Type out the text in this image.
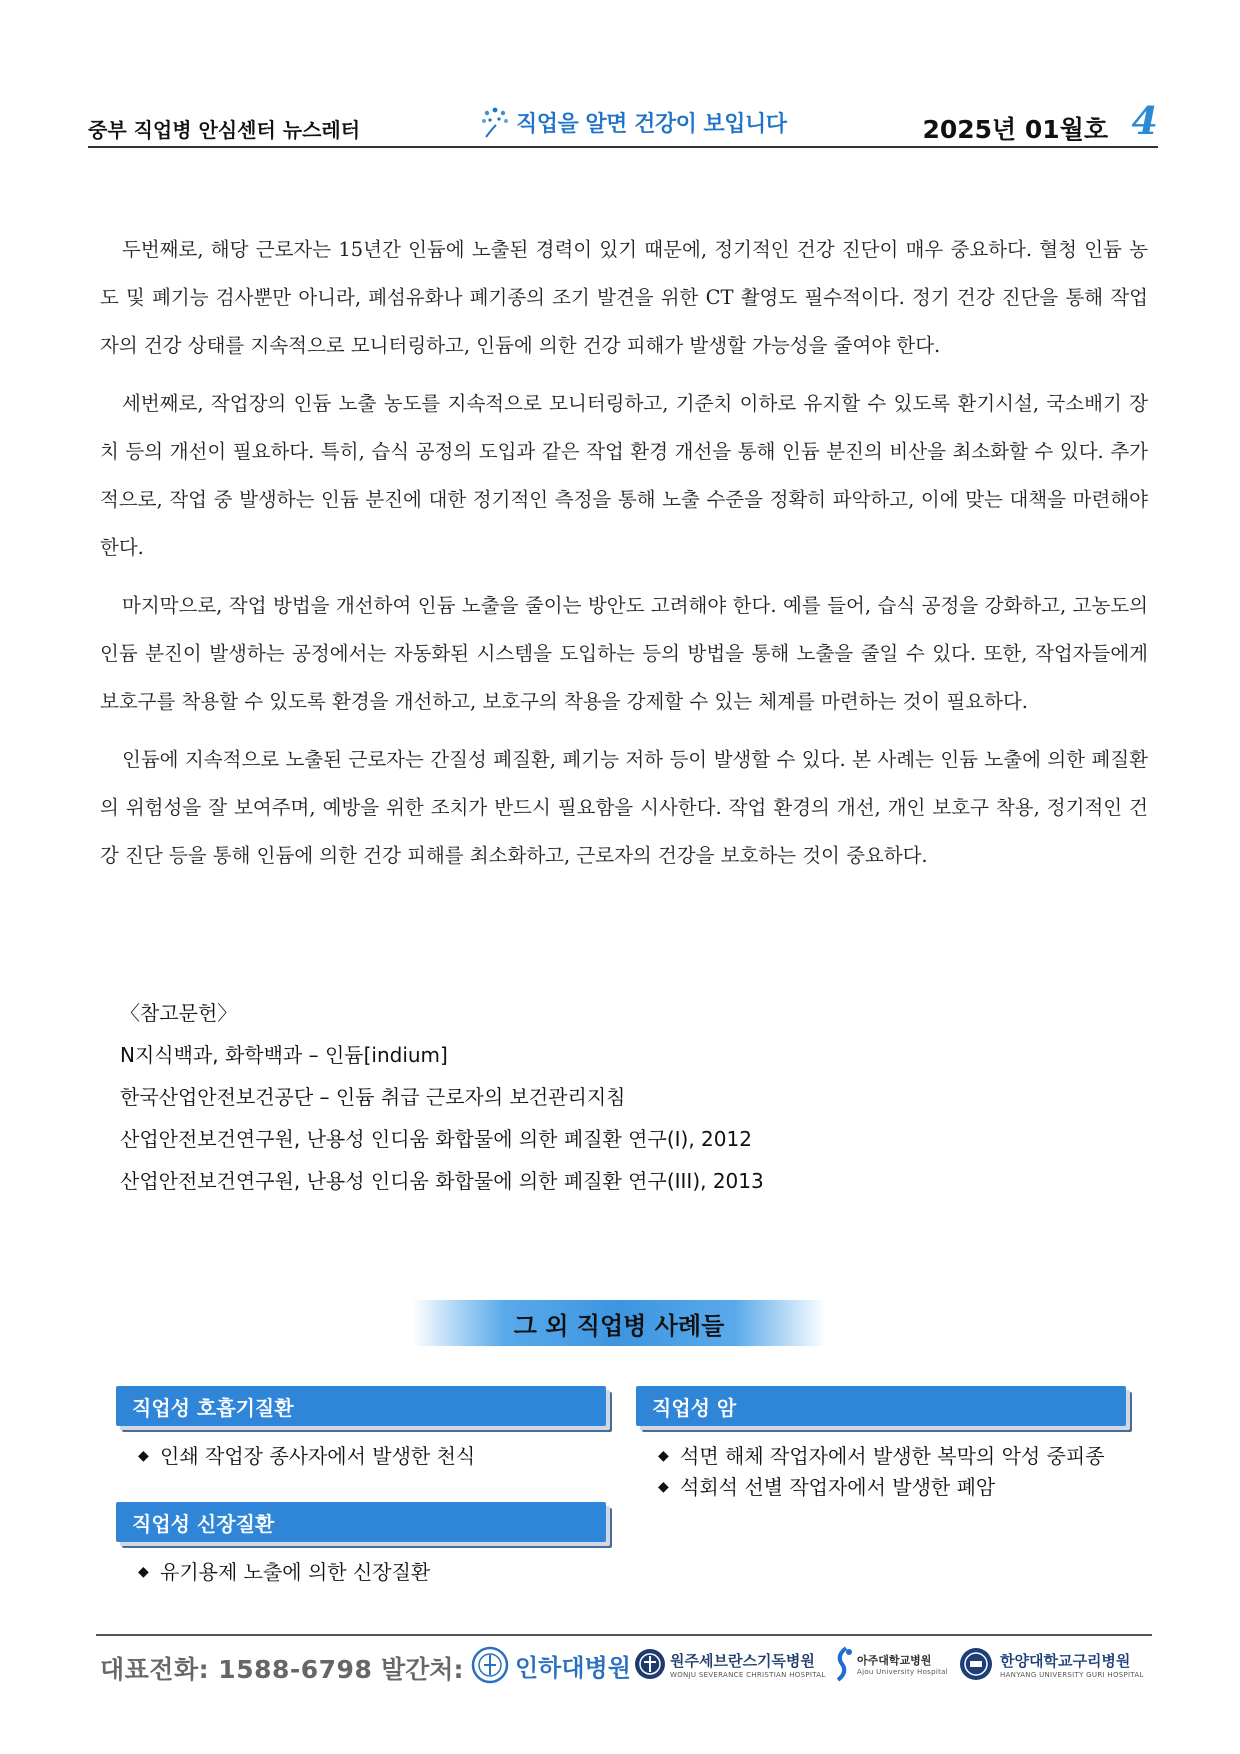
중부 직업병 안심센터 뉴스레터	직업을 알면 건강이 보입니다	2025년 01월호 4

두번째로, 해당 근로자는 15년간 인듐에 노출된 경력이 있기 때문에, 정기적인 건강 진단이 매우 중요하다. 혈청 인듐 농도 및 폐기능 검사뿐만 아니라, 폐섬유화나 폐기종의 조기 발견을 위한 CT 촬영도 필수적이다. 정기 건강 진단을 통해 작업자의 건강 상태를 지속적으로 모니터링하고, 인듐에 의한 건강 피해가 발생할 가능성을 줄여야 한다.

세번째로, 작업장의 인듐 노출 농도를 지속적으로 모니터링하고, 기준치 이하로 유지할 수 있도록 환기시설, 국소배기 장치 등의 개선이 필요하다. 특히, 습식 공정의 도입과 같은 작업 환경 개선을 통해 인듐 분진의 비산을 최소화할 수 있다. 추가적으로, 작업 중 발생하는 인듐 분진에 대한 정기적인 측정을 통해 노출 수준을 정확히 파악하고, 이에 맞는 대책을 마련해야 한다.

마지막으로, 작업 방법을 개선하여 인듐 노출을 줄이는 방안도 고려해야 한다. 예를 들어, 습식 공정을 강화하고, 고농도의 인듐 분진이 발생하는 공정에서는 자동화된 시스템을 도입하는 등의 방법을 통해 노출을 줄일 수 있다. 또한, 작업자들에게 보호구를 착용할 수 있도록 환경을 개선하고, 보호구의 착용을 강제할 수 있는 체계를 마련하는 것이 필요하다.

인듐에 지속적으로 노출된 근로자는 간질성 폐질환, 폐기능 저하 등이 발생할 수 있다. 본 사례는 인듐 노출에 의한 폐질환의 위험성을 잘 보여주며, 예방을 위한 조치가 반드시 필요함을 시사한다. 작업 환경의 개선, 개인 보호구 착용, 정기적인 건강 진단 등을 통해 인듐에 의한 건강 피해를 최소화하고, 근로자의 건강을 보호하는 것이 중요하다.

〈참고문헌〉
N지식백과, 화학백과 – 인듐[indium]
한국산업안전보건공단 – 인듐 취급 근로자의 보건관리지침
산업안전보건연구원, 난용성 인디움 화합물에 의한 폐질환 연구(I), 2012
산업안전보건연구원, 난용성 인디움 화합물에 의한 폐질환 연구(III), 2013
그 외 직업병 사례들
직업성 호흡기질환
◆ 인쇄 작업장 종사자에서 발생한 천식
직업성 암
◆ 석면 해체 작업자에서 발생한 복막의 악성 중피종
◆ 석회석 선별 작업자에서 발생한 폐암
직업성 신장질환
◆ 유기용제 노출에 의한 신장질환
대표전화: 1588-6798 발간처: 인하대병원	원주세브란스기독병원
WONJU SEVERANCE CHRISTIAN HOSPITAL
아주대학교병원
Ajou University Hospital
한양대학교구리병원
HANYANG UNIVERSITY GURI HOSPITAL
